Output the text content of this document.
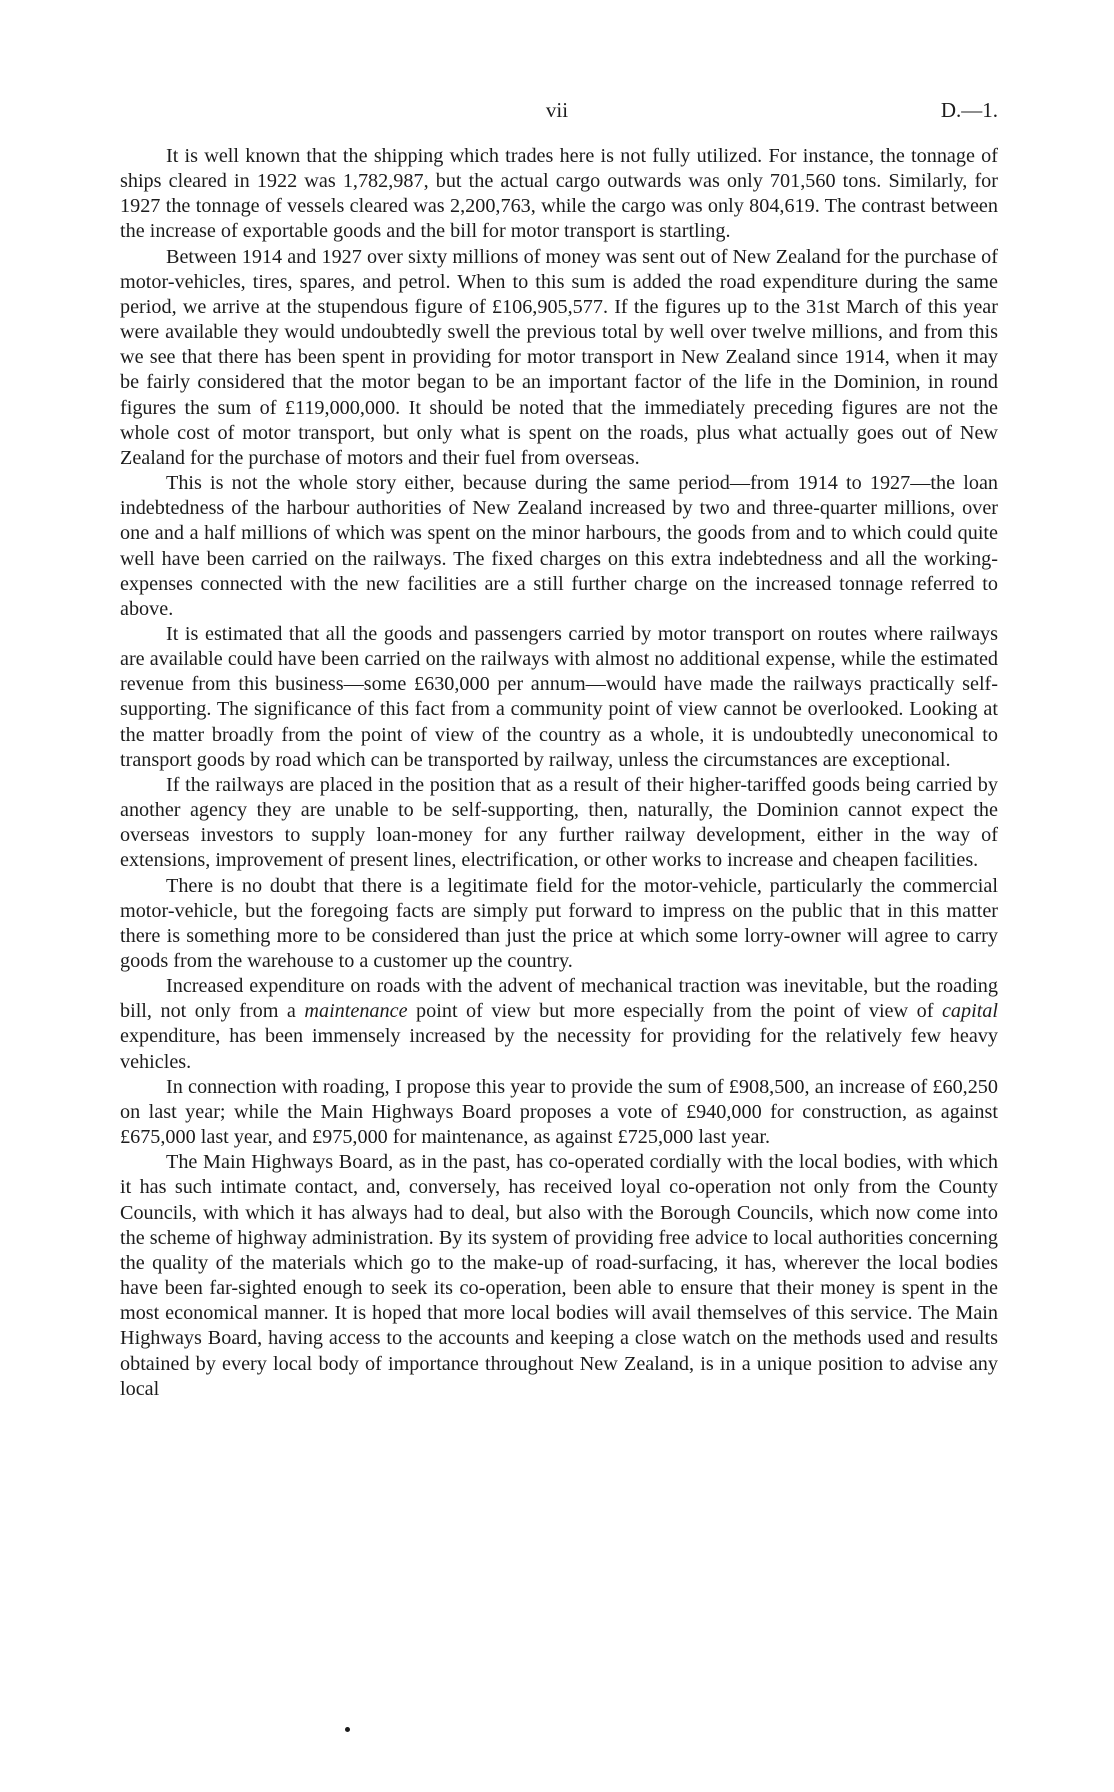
vii	D.—1.

It is well known that the shipping which trades here is not fully utilized. For instance, the tonnage of ships cleared in 1922 was 1,782,987, but the actual cargo outwards was only 701,560 tons. Similarly, for 1927 the tonnage of vessels cleared was 2,200,763, while the cargo was only 804,619. The contrast between the increase of exportable goods and the bill for motor transport is startling.

Between 1914 and 1927 over sixty millions of money was sent out of New Zealand for the purchase of motor-vehicles, tires, spares, and petrol. When to this sum is added the road expenditure during the same period, we arrive at the stupendous figure of £106,905,577. If the figures up to the 31st March of this year were available they would undoubtedly swell the previous total by well over twelve millions, and from this we see that there has been spent in providing for motor transport in New Zealand since 1914, when it may be fairly considered that the motor began to be an important factor of the life in the Dominion, in round figures the sum of £119,000,000. It should be noted that the immediately preceding figures are not the whole cost of motor transport, but only what is spent on the roads, plus what actually goes out of New Zealand for the purchase of motors and their fuel from overseas.

This is not the whole story either, because during the same period—from 1914 to 1927—the loan indebtedness of the harbour authorities of New Zealand increased by two and three-quarter millions, over one and a half millions of which was spent on the minor harbours, the goods from and to which could quite well have been carried on the railways. The fixed charges on this extra indebtedness and all the working-expenses connected with the new facilities are a still further charge on the increased tonnage referred to above.

It is estimated that all the goods and passengers carried by motor transport on routes where railways are available could have been carried on the railways with almost no additional expense, while the estimated revenue from this business—some £630,000 per annum—would have made the railways practically self-supporting. The significance of this fact from a community point of view cannot be overlooked. Looking at the matter broadly from the point of view of the country as a whole, it is undoubtedly uneconomical to transport goods by road which can be transported by railway, unless the circumstances are exceptional.

If the railways are placed in the position that as a result of their higher-tariffed goods being carried by another agency they are unable to be self-supporting, then, naturally, the Dominion cannot expect the overseas investors to supply loan-money for any further railway development, either in the way of extensions, improvement of present lines, electrification, or other works to increase and cheapen facilities.

There is no doubt that there is a legitimate field for the motor-vehicle, particularly the commercial motor-vehicle, but the foregoing facts are simply put forward to impress on the public that in this matter there is something more to be considered than just the price at which some lorry-owner will agree to carry goods from the warehouse to a customer up the country.

Increased expenditure on roads with the advent of mechanical traction was inevitable, but the roading bill, not only from a maintenance point of view but more especially from the point of view of capital expenditure, has been immensely increased by the necessity for providing for the relatively few heavy vehicles.

In connection with roading, I propose this year to provide the sum of £908,500, an increase of £60,250 on last year; while the Main Highways Board proposes a vote of £940,000 for construction, as against £675,000 last year, and £975,000 for maintenance, as against £725,000 last year.

The Main Highways Board, as in the past, has co-operated cordially with the local bodies, with which it has such intimate contact, and, conversely, has received loyal co-operation not only from the County Councils, with which it has always had to deal, but also with the Borough Councils, which now come into the scheme of highway administration. By its system of providing free advice to local authorities concerning the quality of the materials which go to the make-up of road-surfacing, it has, wherever the local bodies have been far-sighted enough to seek its co-operation, been able to ensure that their money is spent in the most economical manner. It is hoped that more local bodies will avail themselves of this service. The Main Highways Board, having access to the accounts and keeping a close watch on the methods used and results obtained by every local body of importance throughout New Zealand, is in a unique position to advise any local
